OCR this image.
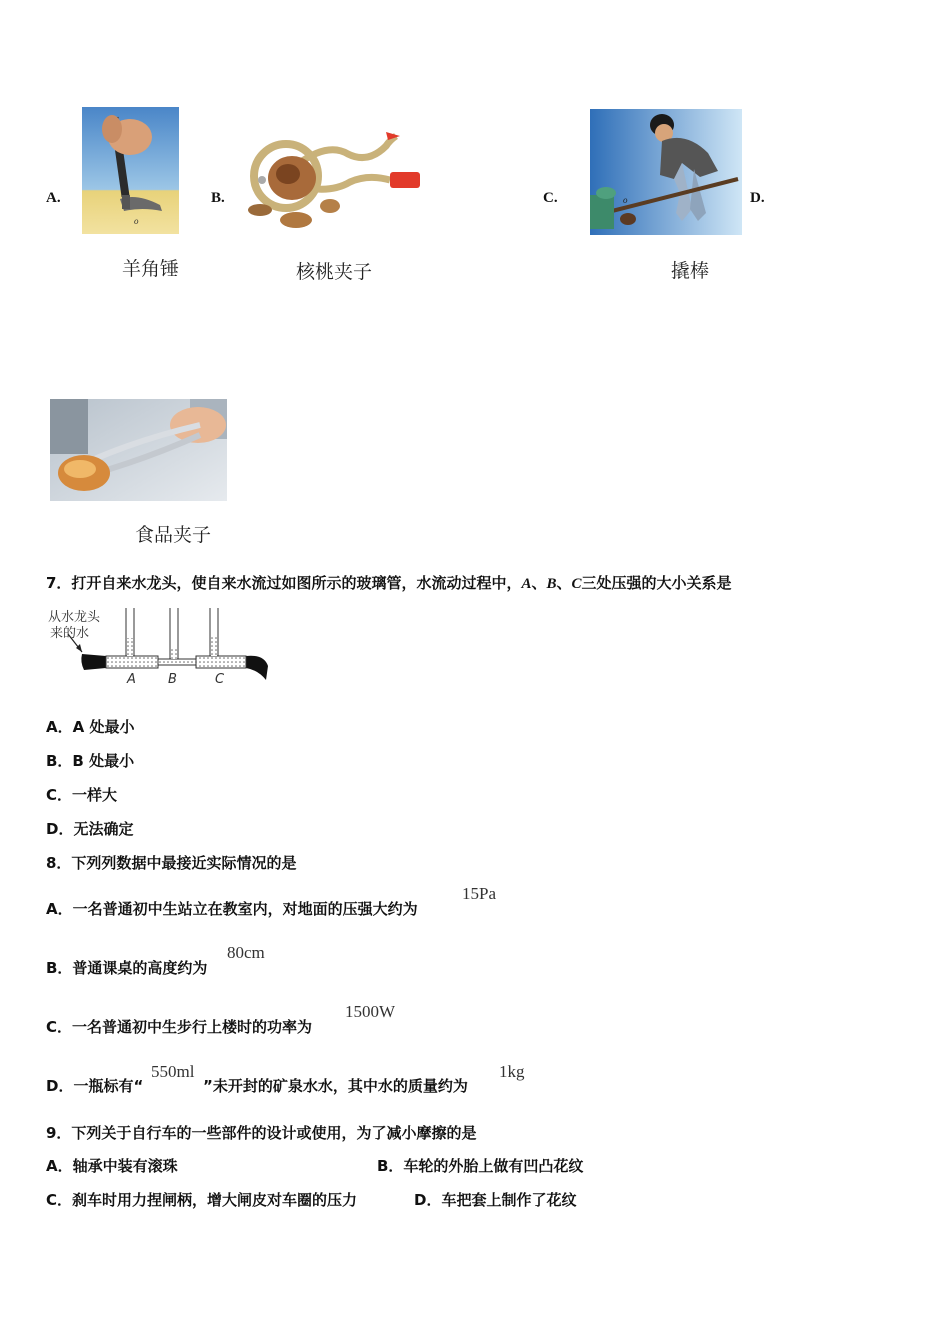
A.
o
羊角锤
B.
核桃夹子
C.	o
撬棒
D.
食品夹子
7．打开自来水龙头，使自来水流过如图所示的玻璃管，水流动过程中，A、B、C三处压强的大小关系是
从水龙头
来的水
A B	C
A．A 处最小
B．B 处最小
C．一样大
D．无法确定
8．下列列数据中最接近实际情况的是
A．一名普通初中生站立在教室内，对地面的压强大约为
15Pa
B．普通课桌的高度约为
80cm
C．一名普通初中生步行上楼时的功率为
1500W
D．一瓶标有“
550ml
”未开封的矿泉水水，其中水的质量约为
1kg
9．下列关于自行车的一些部件的设计或使用，为了减小摩擦的是
A．轴承中装有滚珠	B．车轮的外胎上做有凹凸花纹
C．刹车时用力捏闸柄，增大闸皮对车圈的压力	D．车把套上制作了花纹
